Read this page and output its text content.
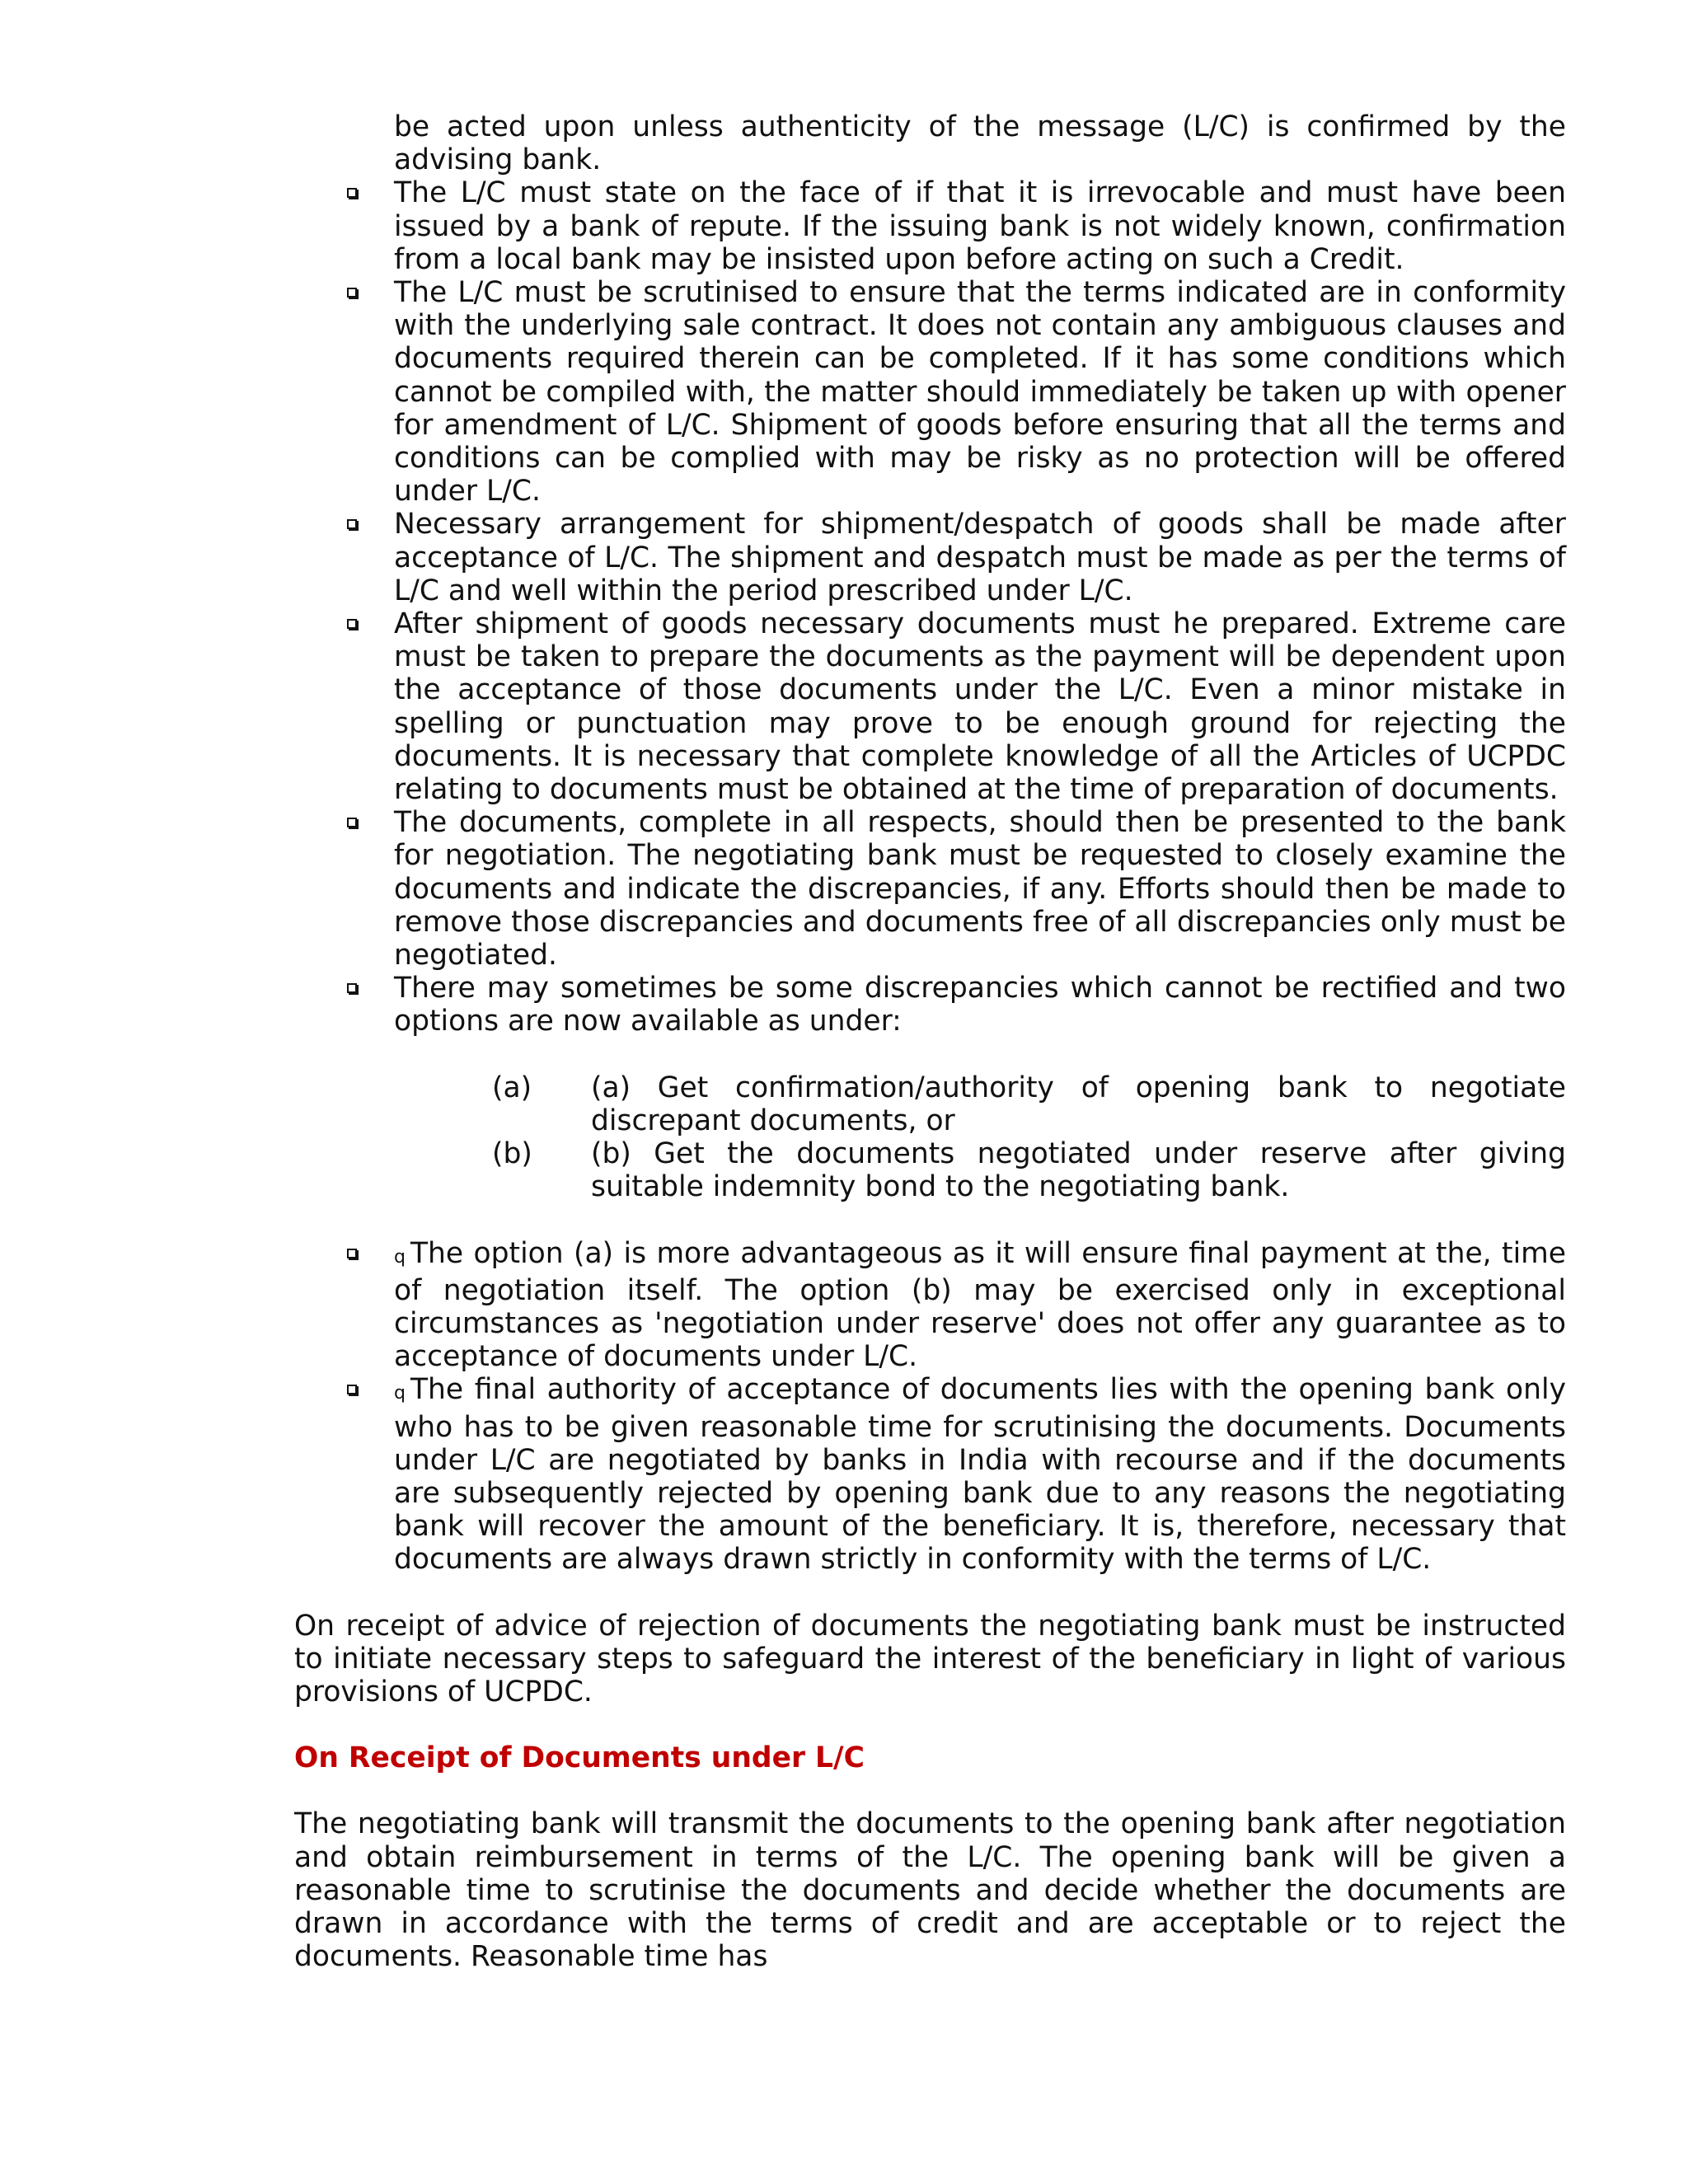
be acted upon unless authenticity of the message (L/C) is confirmed by the advising bank.
The L/C must state on the face of if that it is irrevocable and must have been issued by a bank of repute. If the issuing bank is not widely known, confirmation from a local bank may be insisted upon before acting on such a Credit.
The L/C must be scrutinised to ensure that the terms indicated are in conformity with the underlying sale contract. It does not contain any ambiguous clauses and documents required therein can be completed. If it has some conditions which cannot be compiled with, the matter should immediately be taken up with opener for amendment of L/C. Shipment of goods before ensuring that all the terms and conditions can be complied with may be risky as no protection will be offered under L/C.
Necessary arrangement for shipment/despatch of goods shall be made after acceptance of L/C. The shipment and despatch must be made as per the terms of L/C and well within the period prescribed under L/C.
After shipment of goods necessary documents must he prepared. Extreme care must be taken to prepare the documents as the payment will be dependent upon the acceptance of those documents under the L/C. Even a minor mistake in spelling or punctuation may prove to be enough ground for rejecting the documents. It is necessary that complete knowledge of all the Articles of UCPDC relating to documents must be obtained at the time of preparation of documents.
The documents, complete in all respects, should then be presented to the bank for negotiation. The negotiating bank must be requested to closely examine the documents and indicate the discrepancies, if any. Efforts should then be made to remove those discrepancies and documents free of all discrepancies only must be negotiated.
There may sometimes be some discrepancies which cannot be rectified and two options are now available as under:
(a) (a) Get confirmation/authority of opening bank to negotiate discrepant documents, or
(b) (b) Get the documents negotiated under reserve after giving suitable indemnity bond to the negotiating bank.
q The option (a) is more advantageous as it will ensure final payment at the, time of negotiation itself. The option (b) may be exercised only in exceptional circumstances as 'negotiation under reserve' does not offer any guarantee as to acceptance of documents under L/C.
q The final authority of acceptance of documents lies with the opening bank only who has to be given reasonable time for scrutinising the documents. Documents under L/C are negotiated by banks in India with recourse and if the documents are subsequently rejected by opening bank due to any reasons the negotiating bank will recover the amount of the beneficiary. It is, therefore, necessary that documents are always drawn strictly in conformity with the terms of L/C.

On receipt of advice of rejection of documents the negotiating bank must be instructed to initiate necessary steps to safeguard the interest of the beneficiary in light of various provisions of UCPDC.

On Receipt of Documents under L/C

The negotiating bank will transmit the documents to the opening bank after negotiation and obtain reimbursement in terms of the L/C. The opening bank will be given a reasonable time to scrutinise the documents and decide whether the documents are drawn in accordance with the terms of credit and are acceptable or to reject the documents. Reasonable time has
